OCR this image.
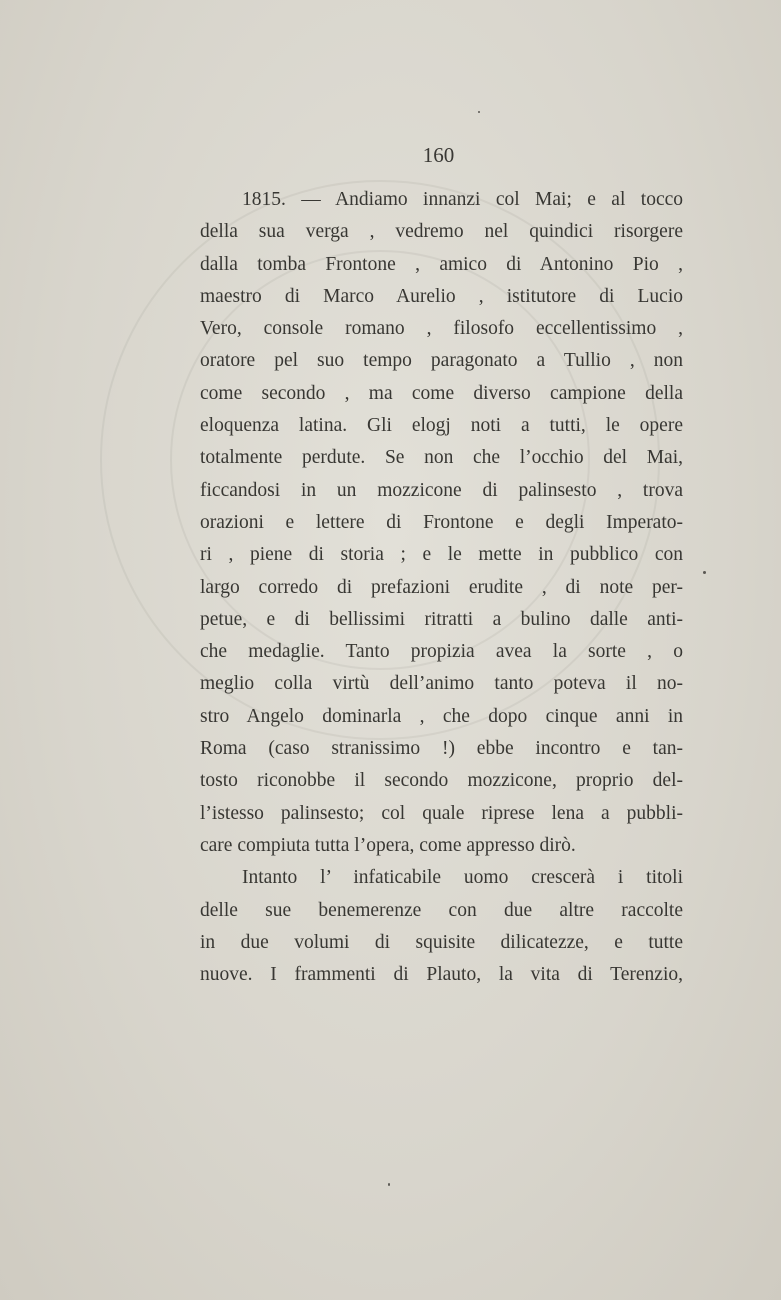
160

1815. — Andiamo innanzi col Mai; e al tocco

della sua verga , vedremo nel quindici risorgere

dalla tomba Frontone , amico di Antonino Pio ,

maestro di Marco Aurelio , istitutore di Lucio

Vero, console romano , filosofo eccellentissimo ,

oratore pel suo tempo paragonato a Tullio , non

come secondo , ma come diverso campione della

eloquenza latina. Gli elogj noti a tutti, le opere

totalmente perdute. Se non che l’occhio del Mai,

ficcandosi in un mozzicone di palinsesto , trova

orazioni e lettere di Frontone e degli Imperato-

ri , piene di storia ; e le mette in pubblico con

largo corredo di prefazioni erudite , di note per-

petue, e di bellissimi ritratti a bulino dalle anti-

che medaglie. Tanto propizia avea la sorte , o

meglio colla virtù dell’animo tanto poteva il no-

stro Angelo dominarla , che dopo cinque anni in

Roma (caso stranissimo !) ebbe incontro e tan-

tosto riconobbe il secondo mozzicone, proprio del-

l’istesso palinsesto; col quale riprese lena a pubbli-

care compiuta tutta l’opera, come appresso dirò.

Intanto l’ infaticabile uomo crescerà i titoli

delle sue benemerenze con due altre raccolte

in due volumi di squisite dilicatezze, e tutte

nuove. I frammenti di Plauto, la vita di Terenzio,
